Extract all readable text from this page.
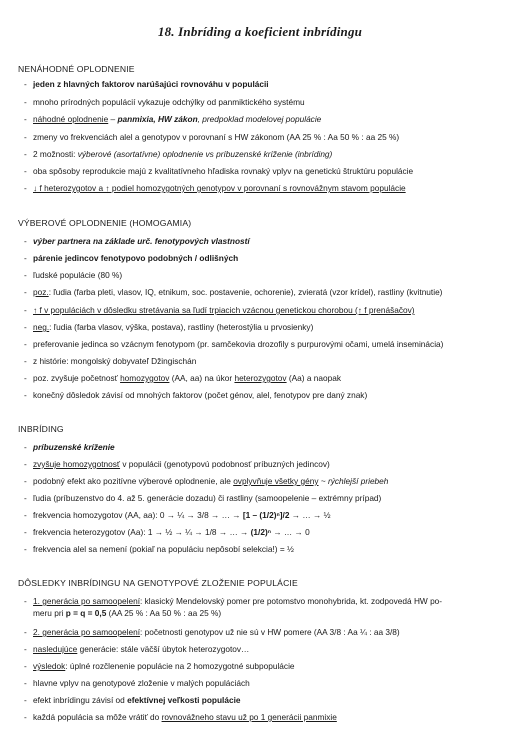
18. Inbríding a koeficient inbrídingu
NENÁHODNÉ OPLODNENIE
- jeden z hlavných faktorov narúšajúci rovnováhu v populácii
- mnoho prírodných populácií vykazuje odchýlky od panmiktického systému
- náhodné oplodnenie – panmixia, HW zákon, predpoklad modelovej populácie
- zmeny vo frekvenciách alel a genotypov v porovnaní s HW zákonom (AA 25 % : Aa 50 % : aa 25 %)
- 2 možnosti: výberové (asortatívne) oplodnenie vs príbuzenské kríženie (inbríding)
- oba spôsoby reprodukcie majú z kvalitatívneho hľadiska rovnaký vplyv na genetickú štruktúru populácie
- ↓ f heterozygotov a ↑ podiel homozygotných genotypov v porovnaní s rovnovážnym stavom populácie
VÝBEROVÉ OPLODNENIE (HOMOGAMIA)
- výber partnera na základe urč. fenotypových vlastností
- párenie jedincov fenotypovo podobných / odlišných
- ľudské populácie (80 %)
- poz.: ľudia (farba pleti, vlasov, IQ, etnikum, soc. postavenie, ochorenie), zvieratá (vzor krídel), rastliny (kvitnutie)
- ↑ f v populáciách v dôsledku stretávania sa ľudí trpiacich vzácnou genetickou chorobou (↑ f prenášačov)
- neg.: ľudia (farba vlasov, výška, postava), rastliny (heterostýlia u prvosienky)
- preferovanie jedinca so vzácnym fenotypom (pr. samčekovia drozofily s purpurovými očami, umelá inseminácia)
- z histórie: mongolský dobyvateľ Džingischán
- poz. zvyšuje početnosť homozygotov (AA, aa) na úkor heterozygotov (Aa) a naopak
- konečný dôsledok závisí od mnohých faktorov (počet génov, alel, fenotypov pre daný znak)
INBRÍDING
- príbuzenské kríženie
- zvyšuje homozygotnosť v populácii (genotypovú podobnosť príbuzných jedincov)
- podobný efekt ako pozitívne výberové oplodnenie, ale ovplyvňuje všetky gény ~ rýchlejší priebeh
- ľudia (príbuzenstvo do 4. až 5. generácie dozadu) či rastliny (samoopelenie – extrémny prípad)
- frekvencia homozygotov (AA, aa): 0 → ¼ → 3/8 → … → [1 – (1/2)ⁿ]/2 → … → ½
- frekvencia heterozygotov (Aa): 1 → ½ → ¼ → 1/8 → … → (1/2)ⁿ → … → 0
- frekvencia alel sa nemení (pokiaľ na populáciu nepôsobí selekcia!) = ½
DÔSLEDKY INBRÍDINGU NA GENOTYPOVÉ ZLOŽENIE POPULÁCIE
- 1. generácia po samoopelení: klasický Mendelovský pomer pre potomstvo monohybrida, kt. zodpovedá HW po-
meru pri p = q = 0,5 (AA 25 % : Aa 50 % : aa 25 %)
- 2. generácia po samoopelení: početnosti genotypov už nie sú v HW pomere (AA 3/8 : Aa ¼ : aa 3/8)
- nasledujúce generácie: stále väčší úbytok heterozygotov…
- výsledok: úplné rozčlenenie populácie na 2 homozygotné subpopulácie
- hlavne vplyv na genotypové zloženie v malých populáciách
- efekt inbrídingu závisí od efektívnej veľkosti populácie
- každá populácia sa môže vrátiť do rovnovážneho stavu už po 1 generácii panmixie
